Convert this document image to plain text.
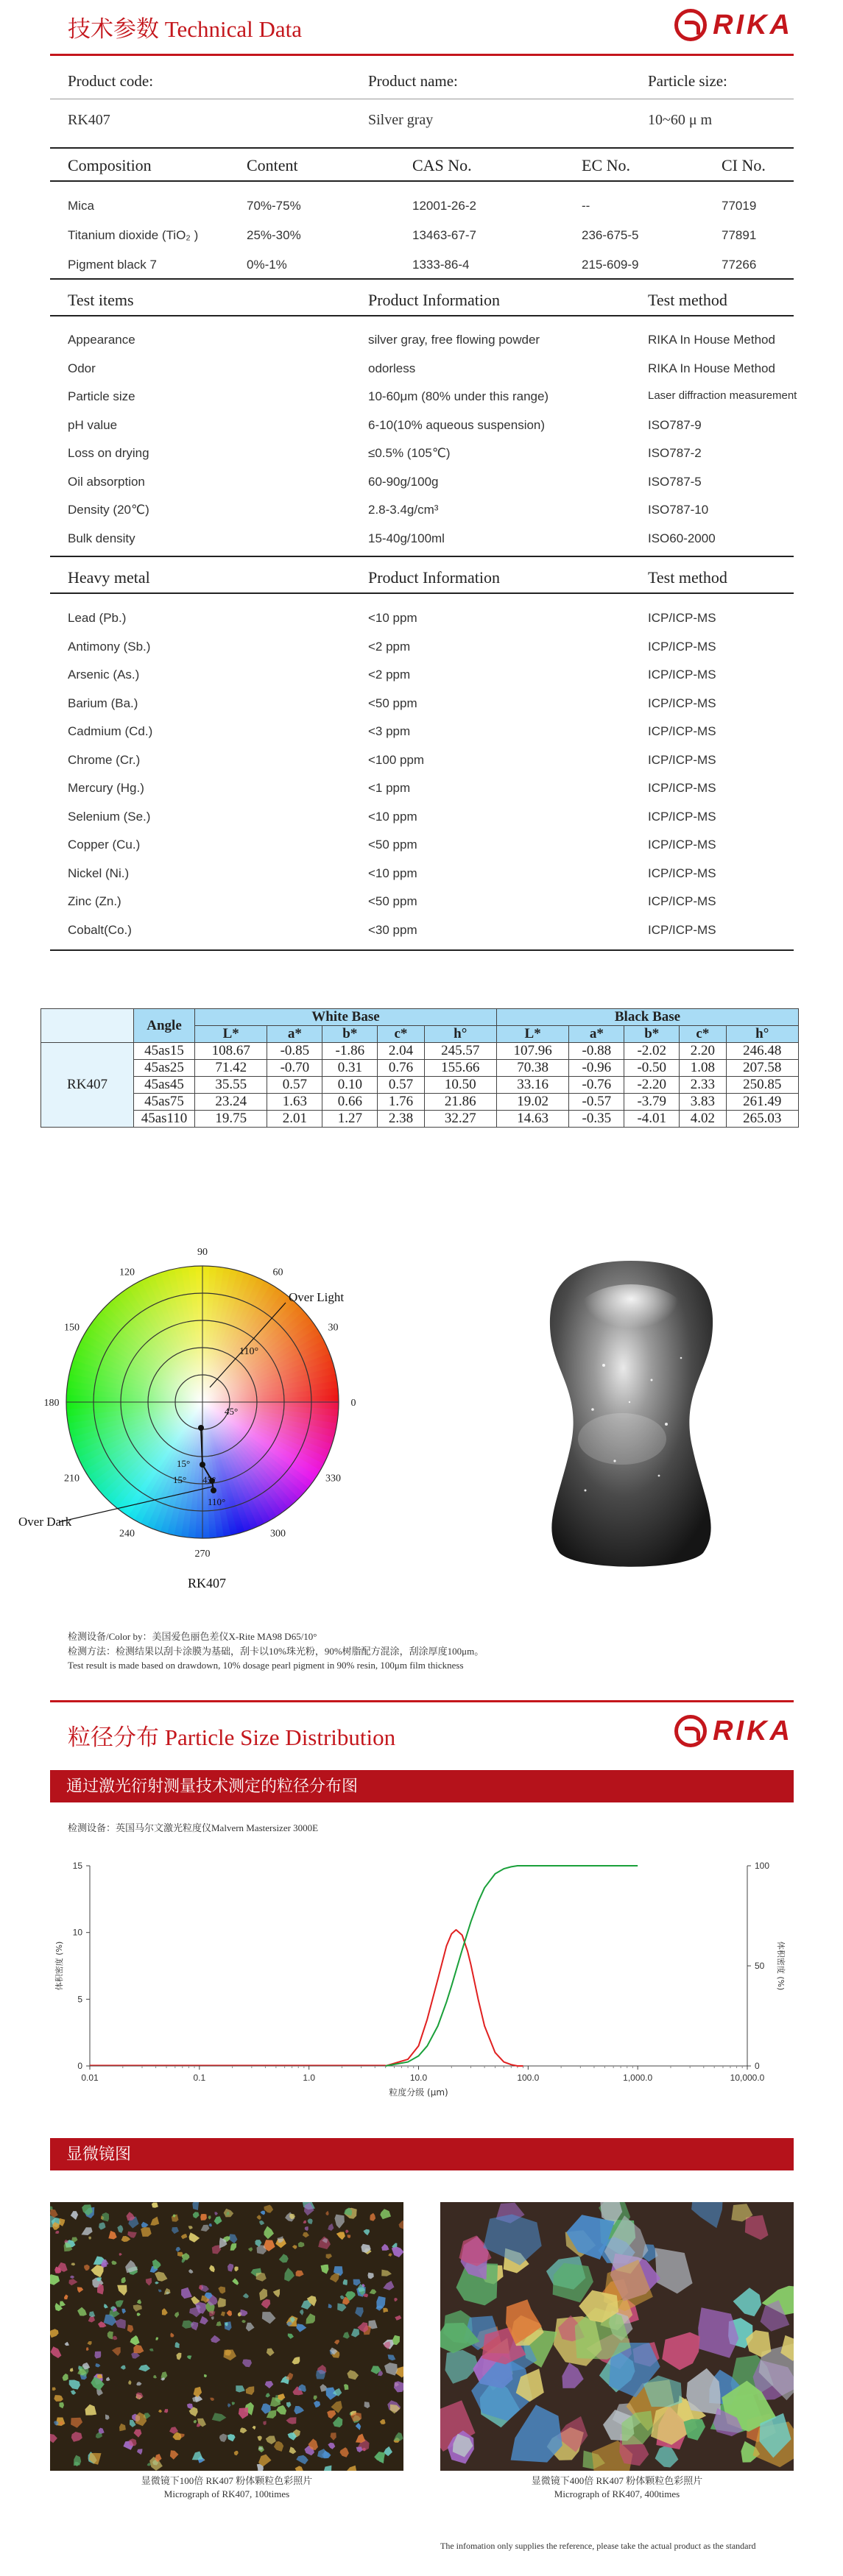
技术参数 Technical Data	RIKA
Product code:	Product name:	Particle size:
RK407	Silver gray	10~60 μ m
Composition	Content	CAS No.	EC No.	CI No.
Mica	70%-75%	12001-26-2	--	77019
Titanium dioxide (TiO₂ )	25%-30%	13463-67-7	236-675-5	77891
Pigment black 7	0%-1%	1333-86-4	215-609-9	77266
Test items	Product Information	Test method
Appearance	silver gray, free flowing powder	RIKA In House Method
Odor	odorless	RIKA In House Method
Particle size	10-60μm (80% under this range)	Laser diffraction measurement
pH value	6-10(10% aqueous suspension)	ISO787-9
Loss on drying	≤0.5% (105℃)	ISO787-2
Oil absorption	60-90g/100g	ISO787-5
Density (20℃)	2.8-3.4g/cm³	ISO787-10
Bulk density	15-40g/100ml	ISO60-2000
Heavy metal	Product Information	Test method
Lead (Pb.)	<10 ppm	ICP/ICP-MS
Antimony (Sb.)	<2 ppm	ICP/ICP-MS
Arsenic (As.)	<2 ppm	ICP/ICP-MS
Barium (Ba.)	<50 ppm	ICP/ICP-MS
Cadmium (Cd.)	<3 ppm	ICP/ICP-MS
Chrome (Cr.)	<100 ppm	ICP/ICP-MS
Mercury (Hg.)	<1 ppm	ICP/ICP-MS
Selenium (Se.)	<10 ppm	ICP/ICP-MS
Copper (Cu.)	<50 ppm	ICP/ICP-MS
Nickel (Ni.)	<10 ppm	ICP/ICP-MS
Zinc (Zn.)	<50 ppm	ICP/ICP-MS
Cobalt(Co.)	<30 ppm	ICP/ICP-MS
	Angle	White Base					Black Base				
		L*	a*	b*	c*	h°	L*	a*	b*	c*	h°
RK407	45as15	108.67	-0.85	-1.86	2.04	245.57	107.96	-0.88	-2.02	2.20	246.48
	45as25	71.42	-0.70	0.31	0.76	155.66	70.38	-0.96	-0.50	1.08	207.58
	45as45	35.55	0.57	0.10	0.57	10.50	33.16	-0.76	-2.20	2.33	250.85
	45as75	23.24	1.63	0.66	1.76	21.86	19.02	-0.57	-3.79	3.83	261.49
	45as110	19.75	2.01	1.27	2.38	32.27	14.63	-0.35	-4.01	4.02	265.03
90
60
30
0
330
300
270
240
210
180
150
120
110°
45°
15°
15° 45°
110°
Over Light
Over Dark
RK407
检测设备/Color by：美国爱色丽色差仪X-Rite MA98 D65/10°
检测方法：检测结果以刮卡涂膜为基础，刮卡以10%珠光粉，90%树脂配方混涂，刮涂厚度100μm。
Test result is made based on drawdown, 10% dosage pearl pigment in 90% resin, 100μm film thickness
粒径分布 Particle Size Distribution	RIKA
通过激光衍射测量技术测定的粒径分布图
检测设备：英国马尔文激光粒度仪Malvern Mastersizer 3000E
0.01	0.1	1.0	10.0	100.0	1,000.0	10,000.0
0
5
10
15
0
50
100
粒度分级 (μm)
体积密度 (%)	体积密度 (%)
显微镜图
显微镜下100倍 RK407 粉体颗粒色彩照片
Micrograph of RK407, 100times
显微镜下400倍 RK407 粉体颗粒色彩照片
Micrograph of RK407, 400times
The infomation only supplies the reference, please take the actual product as the standard
